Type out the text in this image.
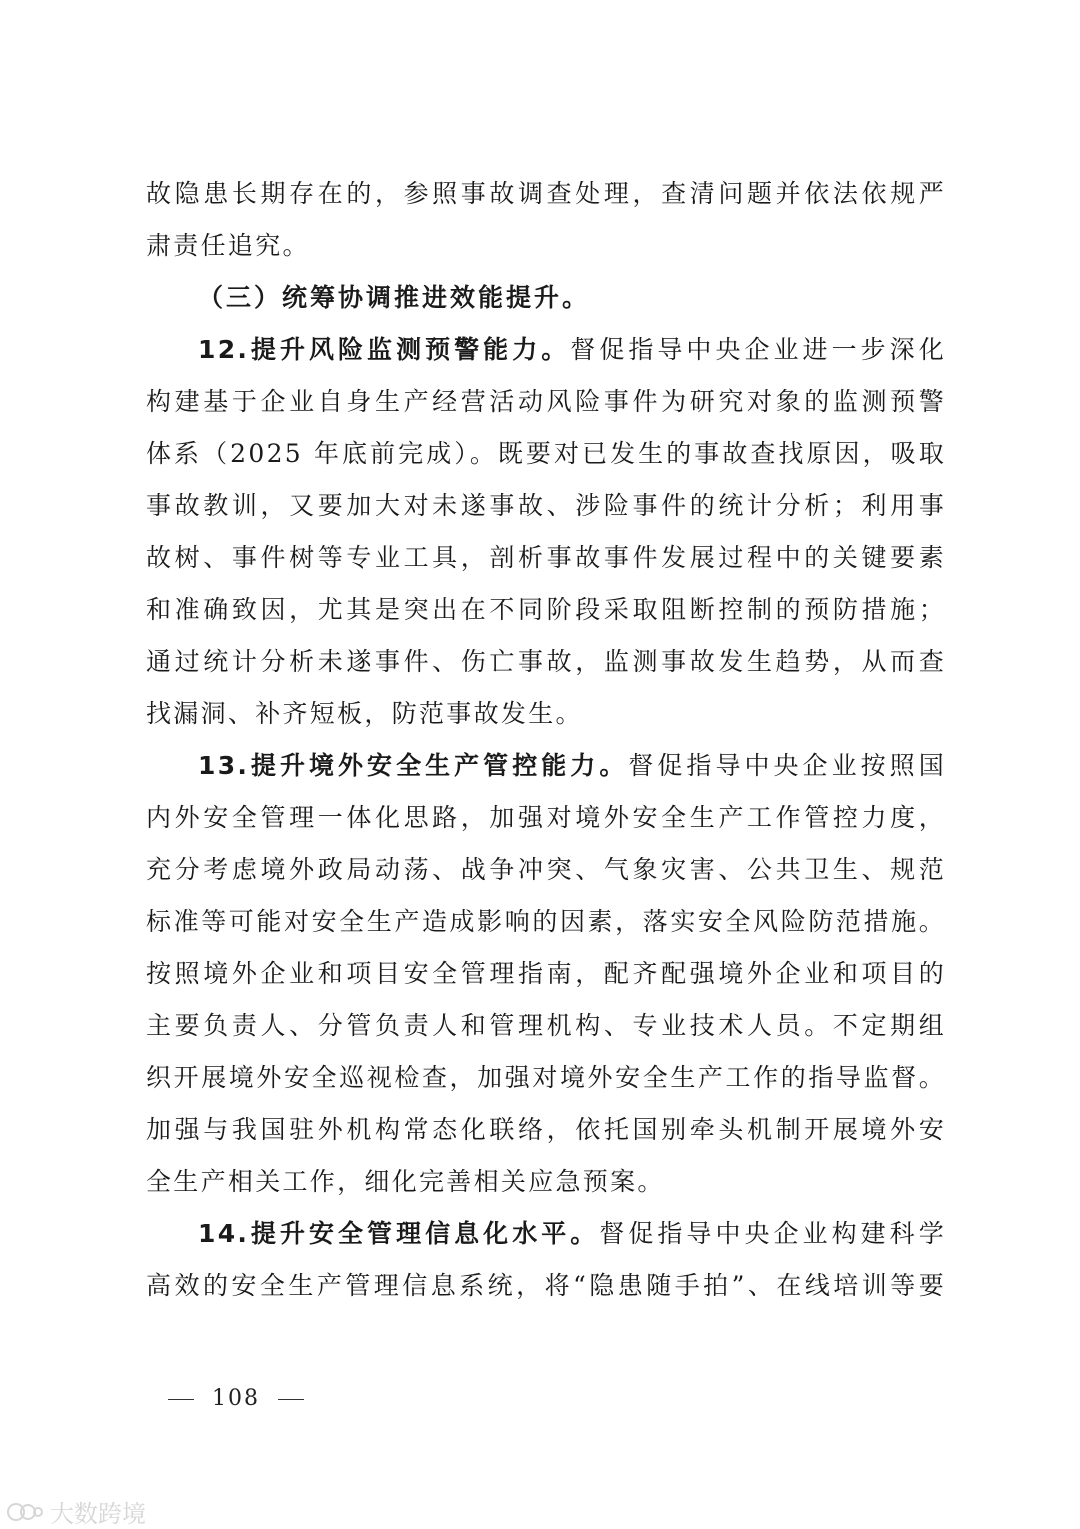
故隐患长期存在的，参照事故调查处理，查清问题并依法依规严
肃责任追究。
（三）统筹协调推进效能提升。
12.提升风险监测预警能力。督促指导中央企业进一步深化
构建基于企业自身生产经营活动风险事件为研究对象的监测预警
体系（2025 年底前完成）。既要对已发生的事故查找原因，吸取
事故教训，又要加大对未遂事故、涉险事件的统计分析；利用事
故树、事件树等专业工具，剖析事故事件发展过程中的关键要素
和准确致因，尤其是突出在不同阶段采取阻断控制的预防措施；
通过统计分析未遂事件、伤亡事故，监测事故发生趋势，从而查
找漏洞、补齐短板，防范事故发生。
13.提升境外安全生产管控能力。督促指导中央企业按照国
内外安全管理一体化思路，加强对境外安全生产工作管控力度，
充分考虑境外政局动荡、战争冲突、气象灾害、公共卫生、规范
标准等可能对安全生产造成影响的因素，落实安全风险防范措施。
按照境外企业和项目安全管理指南，配齐配强境外企业和项目的
主要负责人、分管负责人和管理机构、专业技术人员。不定期组
织开展境外安全巡视检查，加强对境外安全生产工作的指导监督。
加强与我国驻外机构常态化联络，依托国别牵头机制开展境外安
全生产相关工作，细化完善相关应急预案。
14.提升安全管理信息化水平。督促指导中央企业构建科学
高效的安全生产管理信息系统，将“隐患随手拍”、在线培训等要
108
大数跨境
